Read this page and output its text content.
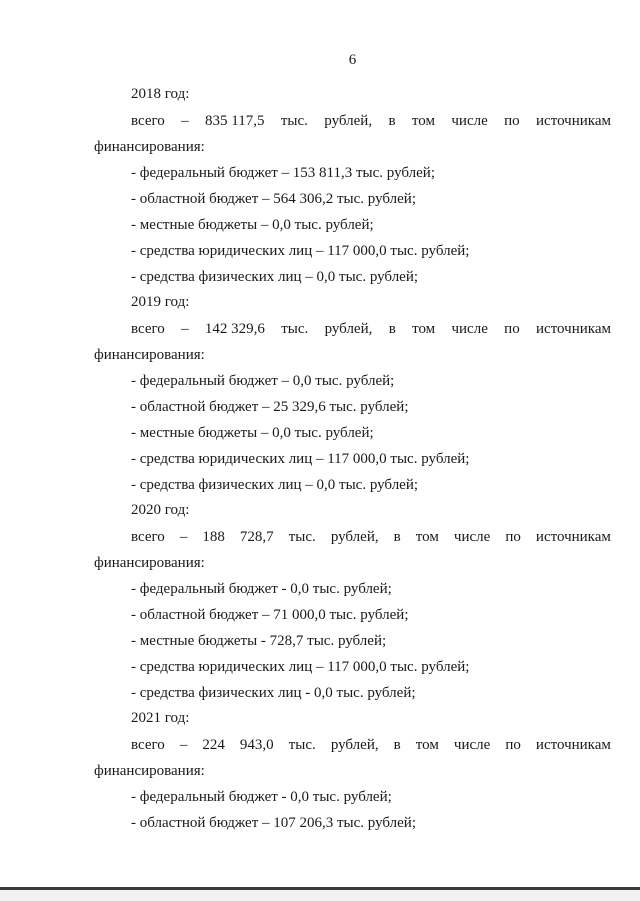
6
2018 год:
всего – 835 117,5 тыс. рублей, в том числе по источникам
финансирования:
- федеральный бюджет – 153 811,3 тыс. рублей;
- областной бюджет – 564 306,2 тыс. рублей;
- местные бюджеты – 0,0 тыс. рублей;
- средства юридических лиц – 117 000,0 тыс. рублей;
- средства физических лиц – 0,0 тыс. рублей;
2019 год:
всего – 142 329,6 тыс. рублей, в том числе по источникам
финансирования:
- федеральный бюджет – 0,0 тыс. рублей;
- областной бюджет – 25 329,6 тыс. рублей;
- местные бюджеты – 0,0 тыс. рублей;
- средства юридических лиц – 117 000,0 тыс. рублей;
- средства физических лиц – 0,0 тыс. рублей;
2020 год:
всего – 188 728,7 тыс. рублей, в том числе по источникам
финансирования:
- федеральный бюджет - 0,0 тыс. рублей;
- областной бюджет – 71 000,0 тыс. рублей;
- местные бюджеты - 728,7 тыс. рублей;
- средства юридических лиц – 117 000,0 тыс. рублей;
- средства физических лиц - 0,0 тыс. рублей;
2021 год:
всего – 224 943,0 тыс. рублей, в том числе по источникам
финансирования:
- федеральный бюджет - 0,0 тыс. рублей;
- областной бюджет – 107 206,3 тыс. рублей;
